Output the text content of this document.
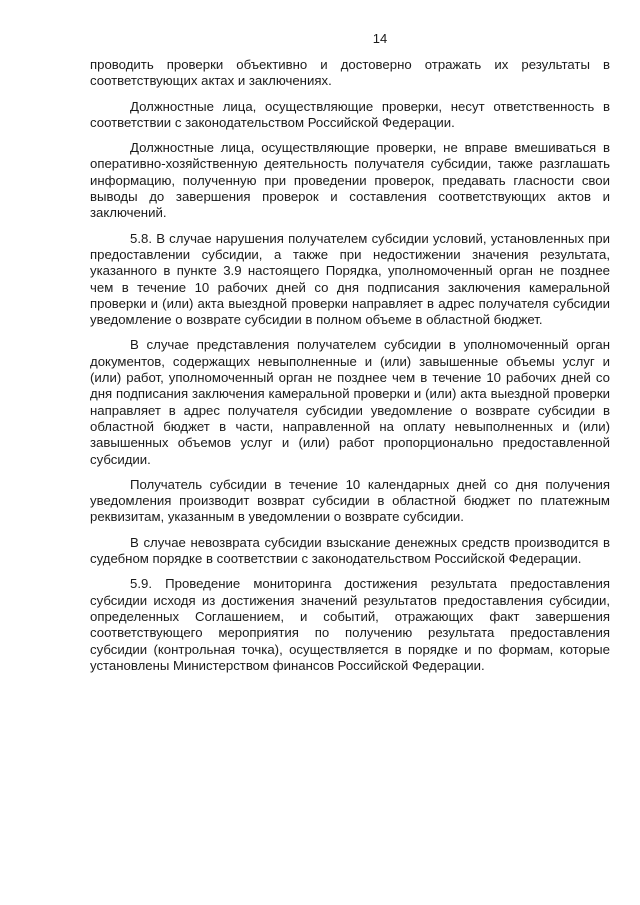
14

проводить проверки объективно и достоверно отражать их результаты в соответствующих актах и заключениях.

Должностные лица, осуществляющие проверки, несут ответственность в соответствии с законодательством Российской Федерации.

Должностные лица, осуществляющие проверки, не вправе вмешиваться в оперативно-хозяйственную деятельность получателя субсидии, также разглашать информацию, полученную при проведении проверок, предавать гласности свои выводы до завершения проверок и составления соответствующих актов и заключений.

5.8. В случае нарушения получателем субсидии условий, установленных при предоставлении субсидии, а также при недостижении значения результата, указанного в пункте 3.9 настоящего Порядка, уполномоченный орган не позднее чем в течение 10 рабочих дней со дня подписания заключения камеральной проверки и (или) акта выездной проверки направляет в адрес получателя субсидии уведомление о возврате субсидии в полном объеме в областной бюджет.

В случае представления получателем субсидии в уполномоченный орган документов, содержащих невыполненные и (или) завышенные объемы услуг и (или) работ, уполномоченный орган не позднее чем в течение 10 рабочих дней со дня подписания заключения камеральной проверки и (или) акта выездной проверки направляет в адрес получателя субсидии уведомление о возврате субсидии в областной бюджет в части, направленной на оплату невыполненных и (или) завышенных объемов услуг и (или) работ пропорционально предоставленной субсидии.

Получатель субсидии в течение 10 календарных дней со дня получения уведомления производит возврат субсидии в областной бюджет по платежным реквизитам, указанным в уведомлении о возврате субсидии.

В случае невозврата субсидии взыскание денежных средств производится в судебном порядке в соответствии с законодательством Российской Федерации.

5.9. Проведение мониторинга достижения результата предоставления субсидии исходя из достижения значений результатов предоставления субсидии, определенных Соглашением, и событий, отражающих факт завершения соответствующего мероприятия по получению результата предоставления субсидии (контрольная точка), осуществляется в порядке и по формам, которые установлены Министерством финансов Российской Федерации.
